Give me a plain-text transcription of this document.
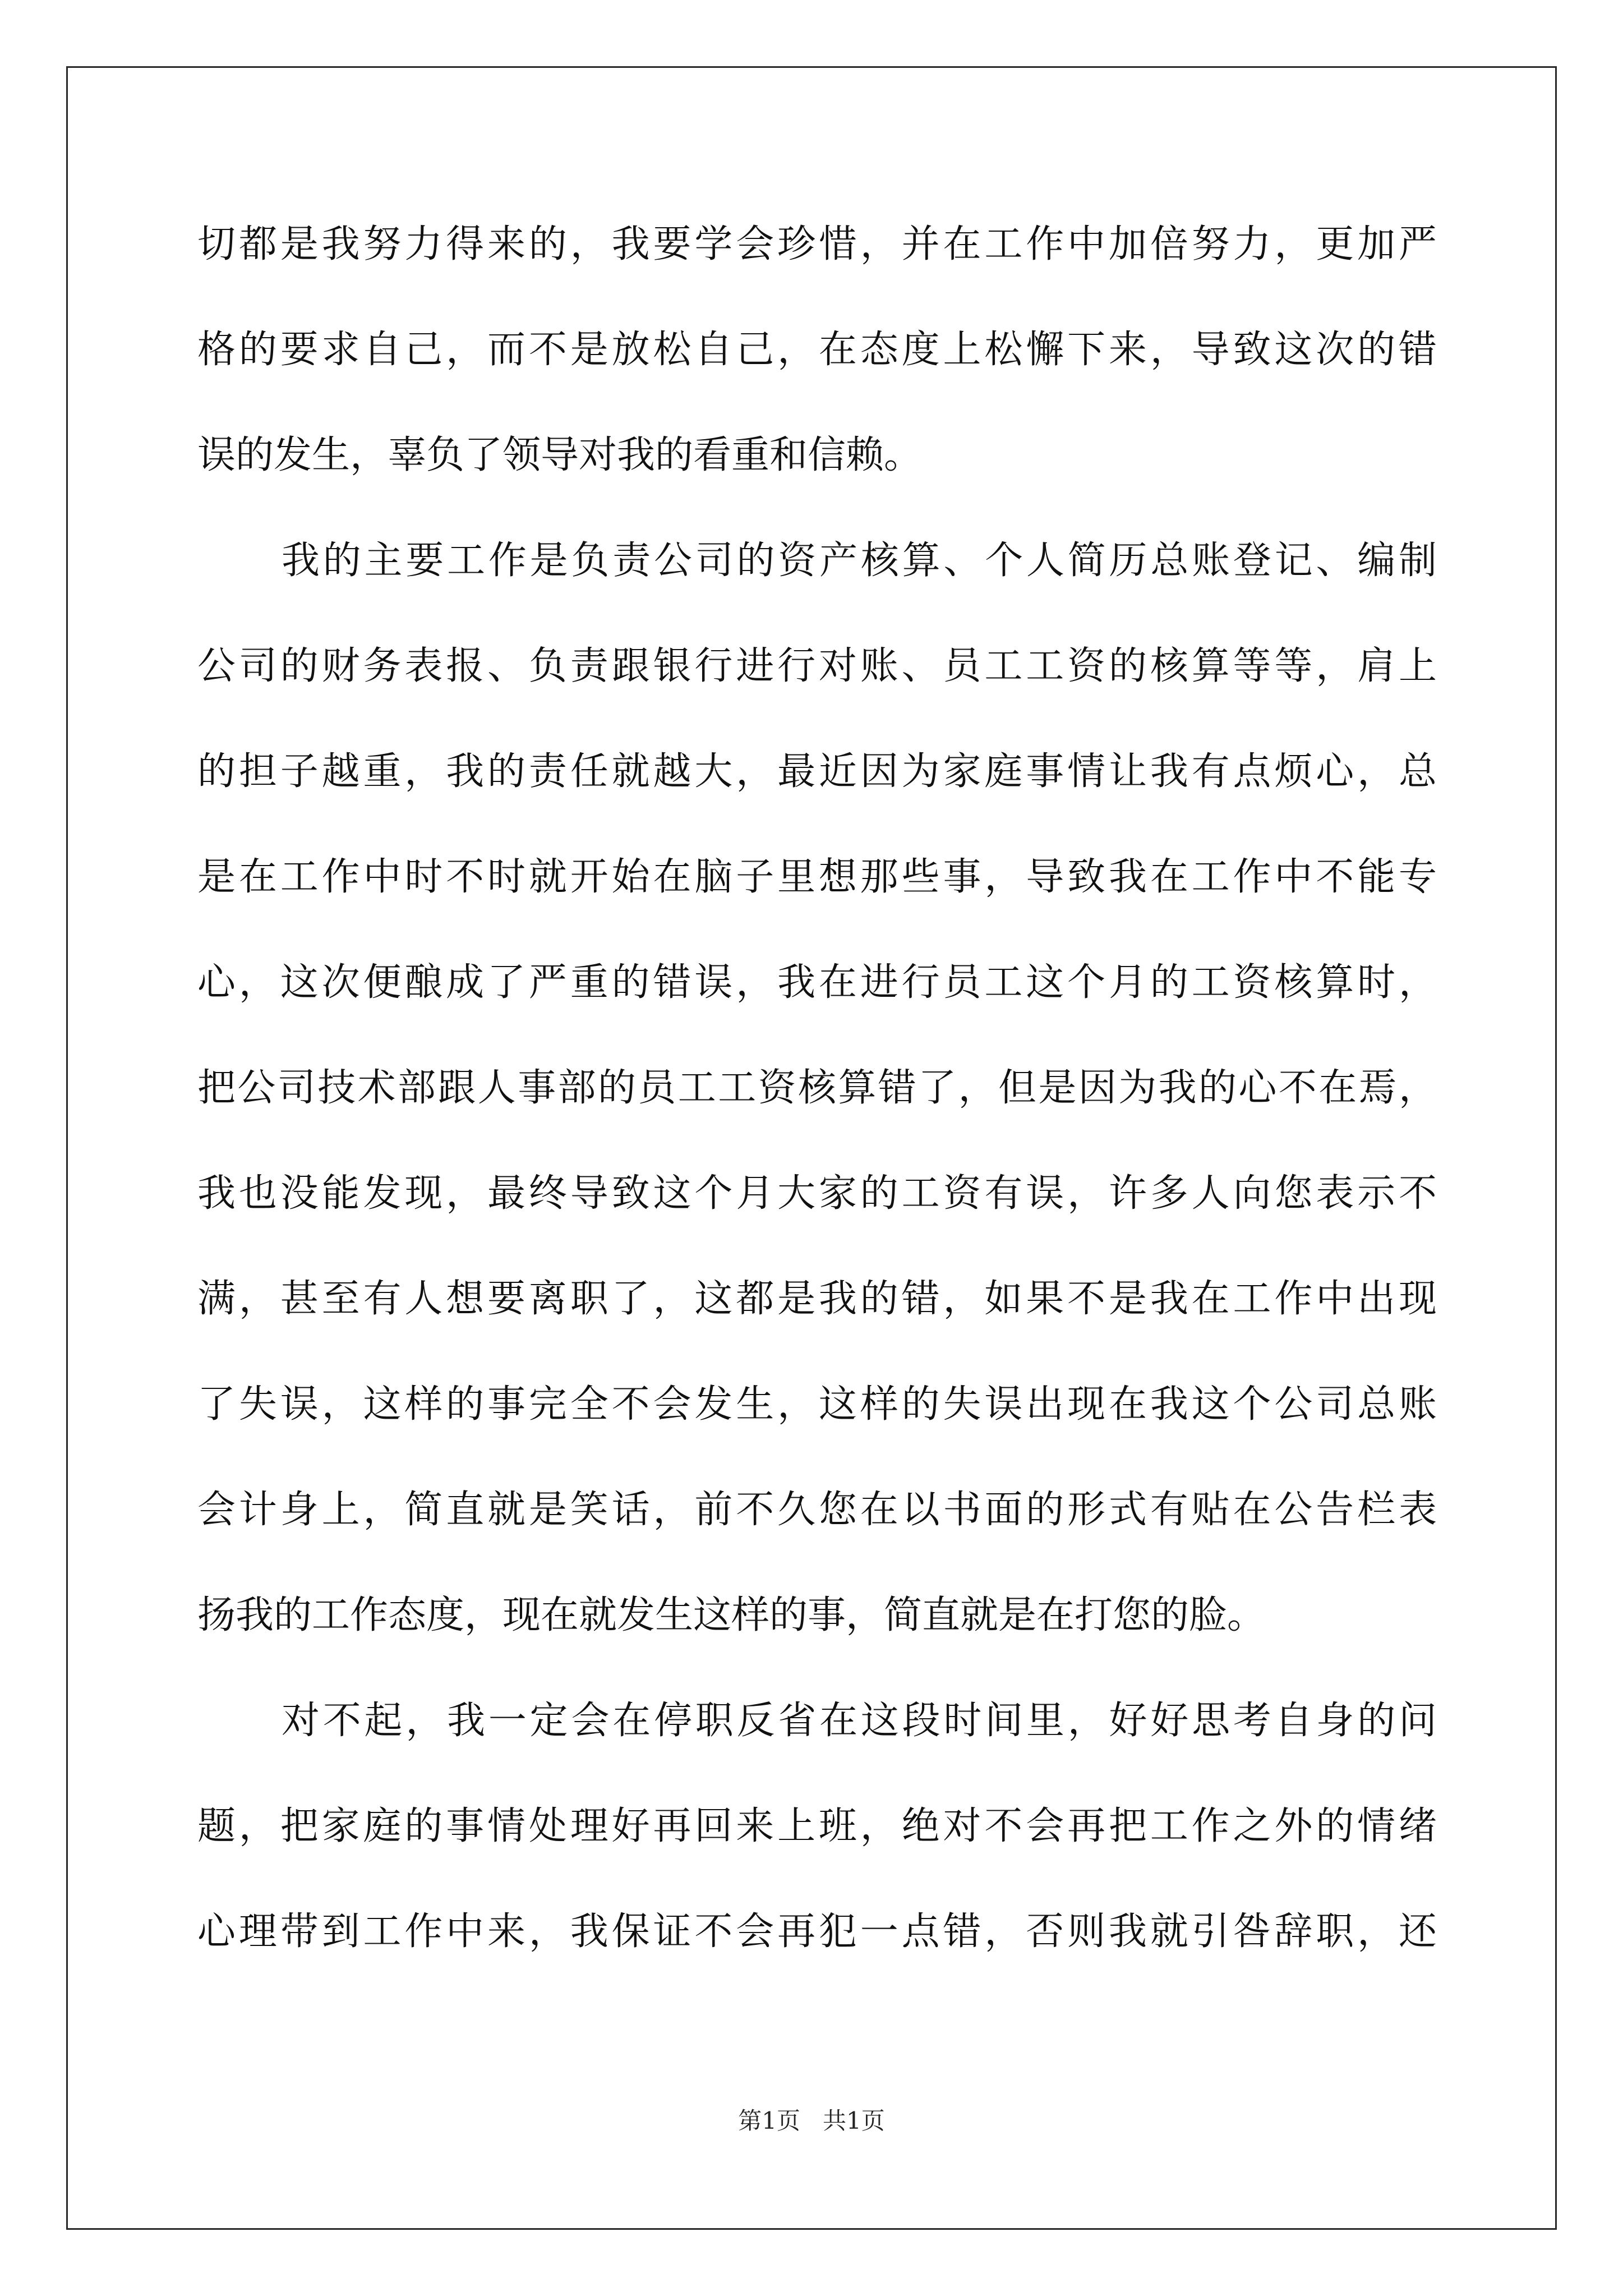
切都是我努力得来的，我要学会珍惜，并在工作中加倍努力，更加严
格的要求自己，而不是放松自己，在态度上松懈下来，导致这次的错
误的发生，辜负了领导对我的看重和信赖。
我的主要工作是负责公司的资产核算、个人简历总账登记、编制
公司的财务表报、负责跟银行进行对账、员工工资的核算等等，肩上
的担子越重，我的责任就越大，最近因为家庭事情让我有点烦心，总
是在工作中时不时就开始在脑子里想那些事，导致我在工作中不能专
心，这次便酿成了严重的错误，我在进行员工这个月的工资核算时，
把公司技术部跟人事部的员工工资核算错了，但是因为我的心不在焉，
我也没能发现，最终导致这个月大家的工资有误，许多人向您表示不
满，甚至有人想要离职了，这都是我的错，如果不是我在工作中出现
了失误，这样的事完全不会发生，这样的失误出现在我这个公司总账
会计身上，简直就是笑话，前不久您在以书面的形式有贴在公告栏表
扬我的工作态度，现在就发生这样的事，简直就是在打您的脸。
对不起，我一定会在停职反省在这段时间里，好好思考自身的问
题，把家庭的事情处理好再回来上班，绝对不会再把工作之外的情绪
心理带到工作中来，我保证不会再犯一点错，否则我就引咎辞职，还
第1页 共1页
